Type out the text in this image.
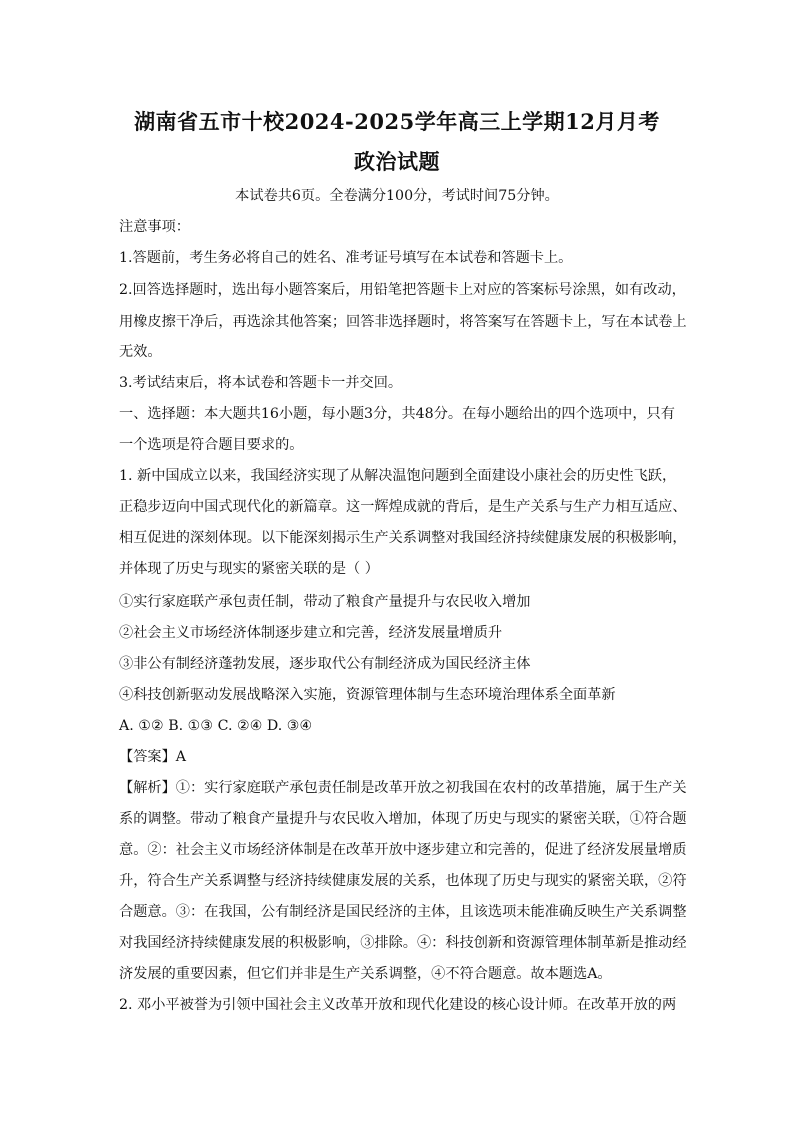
湖南省五市十校2024-2025学年高三上学期12月月考
政治试题
本试卷共6页。全卷满分100分，考试时间75分钟。
注意事项：
1.答题前，考生务必将自己的姓名、准考证号填写在本试卷和答题卡上。
2.回答选择题时，选出每小题答案后，用铅笔把答题卡上对应的答案标号涂黑，如有改动，
用橡皮擦干净后，再选涂其他答案；回答非选择题时，将答案写在答题卡上，写在本试卷上
无效。
3.考试结束后，将本试卷和答题卡一并交回。
一、选择题：本大题共16小题，每小题3分，共48分。在每小题给出的四个选项中，只有
一个选项是符合题目要求的。
1. 新中国成立以来，我国经济实现了从解决温饱问题到全面建设小康社会的历史性飞跃，
正稳步迈向中国式现代化的新篇章。这一辉煌成就的背后，是生产关系与生产力相互适应、
相互促进的深刻体现。以下能深刻揭示生产关系调整对我国经济持续健康发展的积极影响，
并体现了历史与现实的紧密关联的是（ ）
①实行家庭联产承包责任制，带动了粮食产量提升与农民收入增加
②社会主义市场经济体制逐步建立和完善，经济发展量增质升
③非公有制经济蓬勃发展，逐步取代公有制经济成为国民经济主体
④科技创新驱动发展战略深入实施，资源管理体制与生态环境治理体系全面革新
A. ①② B. ①③ C. ②④ D. ③④
【答案】A
【解析】①：实行家庭联产承包责任制是改革开放之初我国在农村的改革措施，属于生产关
系的调整。带动了粮食产量提升与农民收入增加，体现了历史与现实的紧密关联，①符合题
意。②：社会主义市场经济体制是在改革开放中逐步建立和完善的，促进了经济发展量增质
升，符合生产关系调整与经济持续健康发展的关系，也体现了历史与现实的紧密关联，②符
合题意。③：在我国，公有制经济是国民经济的主体，且该选项未能准确反映生产关系调整
对我国经济持续健康发展的积极影响，③排除。④：科技创新和资源管理体制革新是推动经
济发展的重要因素，但它们并非是生产关系调整，④不符合题意。故本题选A。
2. 邓小平被誉为引领中国社会主义改革开放和现代化建设的核心设计师。在改革开放的两
